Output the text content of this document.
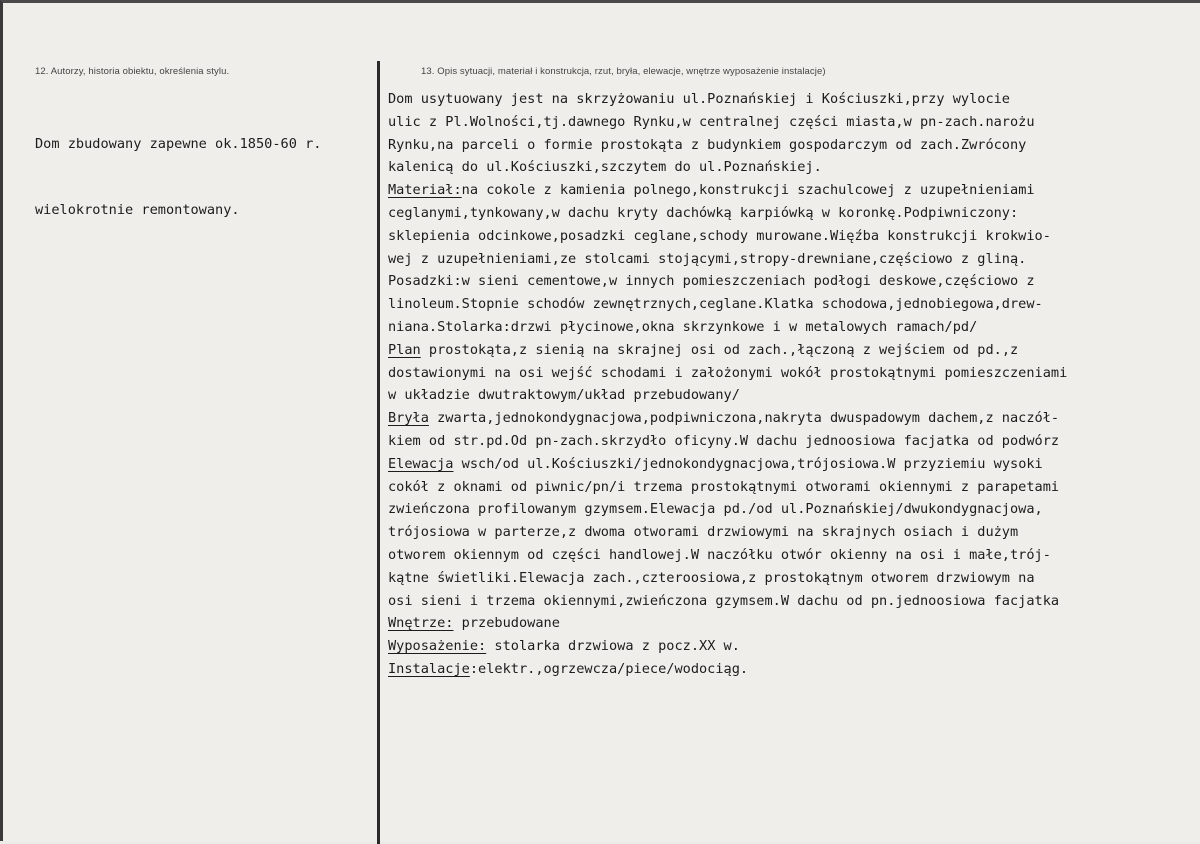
12. Autorzy, historia obiektu, określenia stylu.	13. Opis sytuacji, materiał i konstrukcja, rzut, bryła, elewacje, wnętrze wyposażenie instalacje)

Dom zbudowany zapewne ok.1850-60 r.

wielokrotnie remontowany.

Dom usytuowany jest na skrzyżowaniu ul.Poznańskiej i Kościuszki,przy wylocie
ulic z Pl.Wolności,tj.dawnego Rynku,w centralnej części miasta,w pn-zach.narożu
Rynku,na parceli o formie prostokąta z budynkiem gospodarczym od zach.Zwrócony
kalenicą do ul.Kościuszki,szczytem do ul.Poznańskiej.
Materiał:na cokole z kamienia polnego,konstrukcji szachulcowej z uzupełnieniami
ceglanymi,tynkowany,w dachu kryty dachówką karpiówką w koronkę.Podpiwniczony:
sklepienia odcinkowe,posadzki ceglane,schody murowane.Więźba konstrukcji krokwio-
wej z uzupełnieniami,ze stolcami stojącymi,stropy-drewniane,częściowo z gliną.
Posadzki:w sieni cementowe,w innych pomieszczeniach podłogi deskowe,częściowo z
linoleum.Stopnie schodów zewnętrznych,ceglane.Klatka schodowa,jednobiegowa,drew-
niana.Stolarka:drzwi płycinowe,okna skrzynkowe i w metalowych ramach/pd/
Plan prostokąta,z sienią na skrajnej osi od zach.,łączoną z wejściem od pd.,z
dostawionymi na osi wejść schodami i założonymi wokół prostokątnymi pomieszczeniami
w układzie dwutraktowym/układ przebudowany/
Bryła zwarta,jednokondygnacjowa,podpiwniczona,nakryta dwuspadowym dachem,z naczół-
kiem od str.pd.Od pn-zach.skrzydło oficyny.W dachu jednoosiowa facjatka od podwórz
Elewacja wsch/od ul.Kościuszki/jednokondygnacjowa,trójosiowa.W przyziemiu wysoki
cokół z oknami od piwnic/pn/i trzema prostokątnymi otworami okiennymi z parapetami
zwieńczona profilowanym gzymsem.Elewacja pd./od ul.Poznańskiej/dwukondygnacjowa,
trójosiowa w parterze,z dwoma otworami drzwiowymi na skrajnych osiach i dużym
otworem okiennym od części handlowej.W naczółku otwór okienny na osi i małe,trój-
kątne świetliki.Elewacja zach.,czteroosiowa,z prostokątnym otworem drzwiowym na
osi sieni i trzema okiennymi,zwieńczona gzymsem.W dachu od pn.jednoosiowa facjatka
Wnętrze: przebudowane
Wyposażenie: stolarka drzwiowa z pocz.XX w.
Instalacje:elektr.,ogrzewcza/piece/wodociąg.
